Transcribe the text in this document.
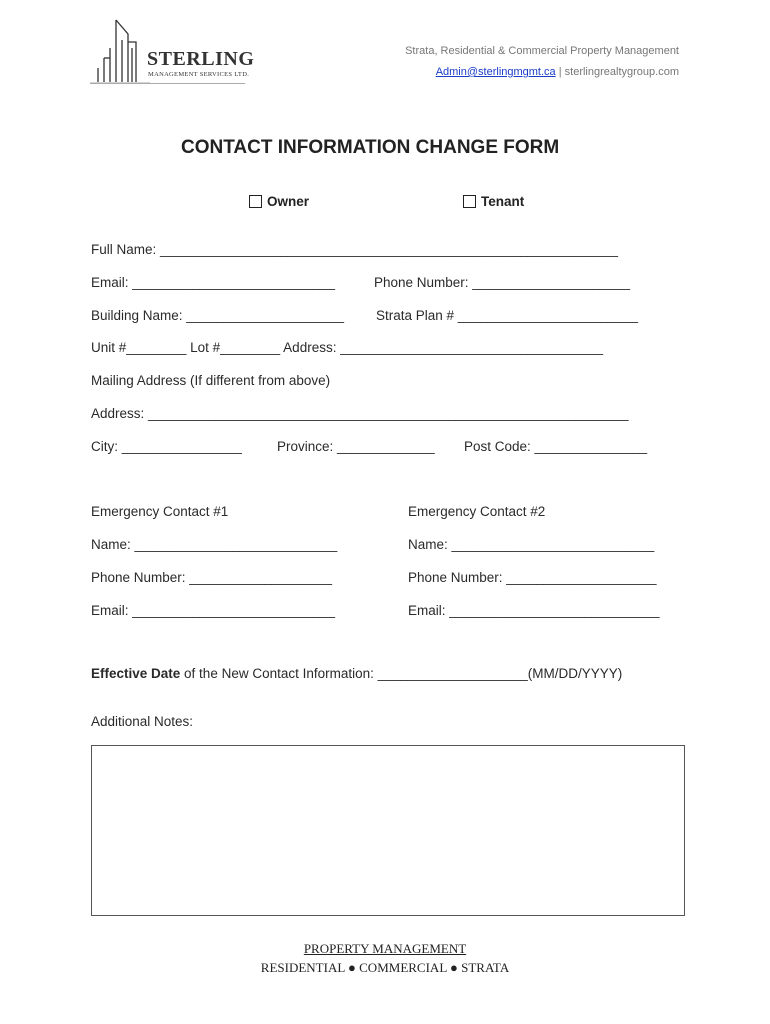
STERLING
MANAGEMENT SERVICES LTD.
Strata, Residential & Commercial Property Management
Admin@sterlingmgmt.ca | sterlingrealtygroup.com
CONTACT INFORMATION CHANGE FORM
Owner	Tenant
Full Name: _____________________________________________________________
Email: ___________________________	Phone Number: _____________________
Building Name: _____________________ Strata Plan # ________________________
Unit #________ Lot #________ Address: ___________________________________
Mailing Address (If different from above)
Address: ________________________________________________________________
City: ________________	Province: _____________ Post Code: _______________
Emergency Contact #1
Name: ___________________________
Phone Number: ___________________
Email: ___________________________
Emergency Contact #2
Name: ___________________________
Phone Number: ____________________
Email: ____________________________
Effective Date of the New Contact Information: ____________________(MM/DD/YYYY)
Additional Notes:
PROPERTY MANAGEMENT
RESIDENTIAL ● COMMERCIAL ● STRATA
